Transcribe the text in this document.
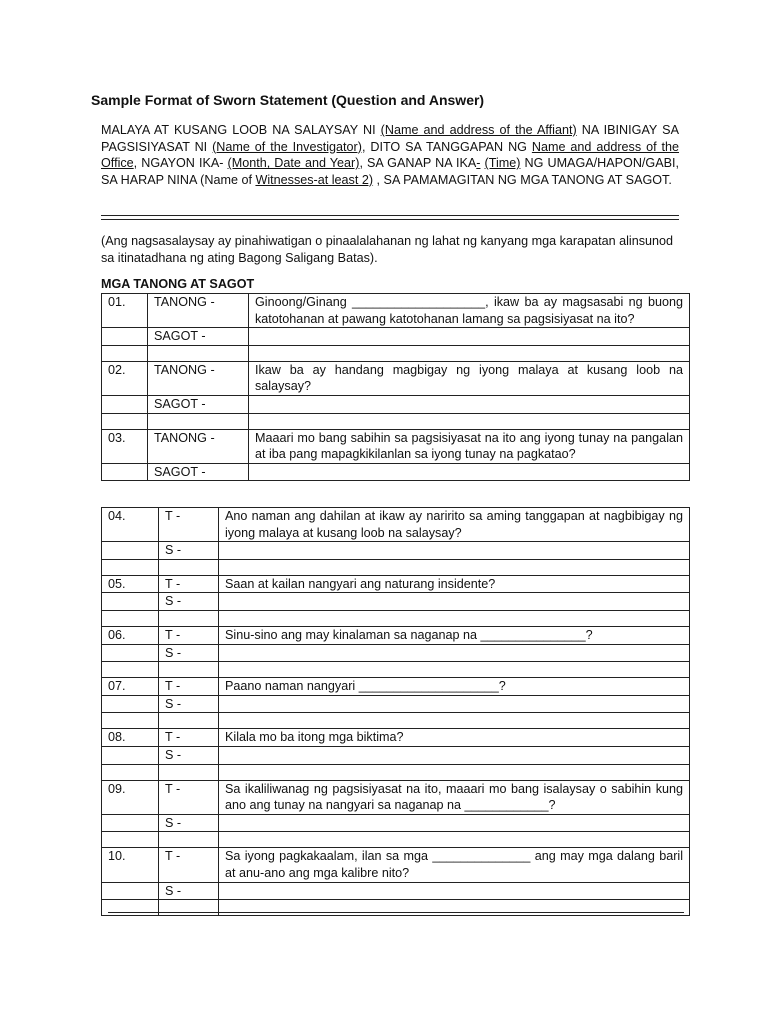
Sample Format of Sworn Statement (Question and Answer)
MALAYA AT KUSANG LOOB NA SALAYSAY NI (Name and address of the Affiant) NA IBINIGAY SA PAGSISIYASAT NI (Name of the Investigator), DITO SA TANGGAPAN NG Name and address of the Office, NGAYON IKA- (Month, Date and Year), SA GANAP NA IKA- (Time) NG UMAGA/HAPON/GABI, SA HARAP NINA (Name of Witnesses-at least 2) , SA PAMAMAGITAN NG MGA TANONG AT SAGOT.
(Ang nagsasalaysay ay pinahiwatigan o pinaalalahanan ng lahat ng kanyang mga karapatan alinsunod sa itinatadhana ng ating Bagong Saligang Batas).
MGA TANONG AT SAGOT
01.	TANONG -	Ginoong/Ginang ___________________, ikaw ba ay magsasabi ng buong katotohanan at pawang katotohanan lamang sa pagsisiyasat na ito?
	SAGOT -	

02.	TANONG -	Ikaw ba ay handang magbigay ng iyong malaya at kusang loob na salaysay?
	SAGOT -	

03.	TANONG -	Maaari mo bang sabihin sa pagsisiyasat na ito ang iyong tunay na pangalan at iba pang mapagkikilanlan sa iyong tunay na pagkatao?
	SAGOT -	
04.	T -	Ano naman ang dahilan at ikaw ay naririto sa aming tanggapan at nagbibigay ng iyong malaya at kusang loob na salaysay?
	S -	

05.	T -	Saan at kailan nangyari ang naturang insidente?
	S -	

06.	T -	Sinu-sino ang may kinalaman sa naganap na _______________?
	S -	

07.	T -	Paano naman nangyari ____________________?
	S -	

08.	T -	Kilala mo ba itong mga biktima?
	S -	

09.	T -	Sa ikaliliwanag ng pagsisiyasat na ito, maaari mo bang isalaysay o sabihin kung ano ang tunay na nangyari sa naganap na ____________?
	S -	

10.	T -	Sa iyong pagkakaalam, ilan sa mga ______________ ang may mga dalang baril at anu-ano ang mga kalibre nito?
	S -	
